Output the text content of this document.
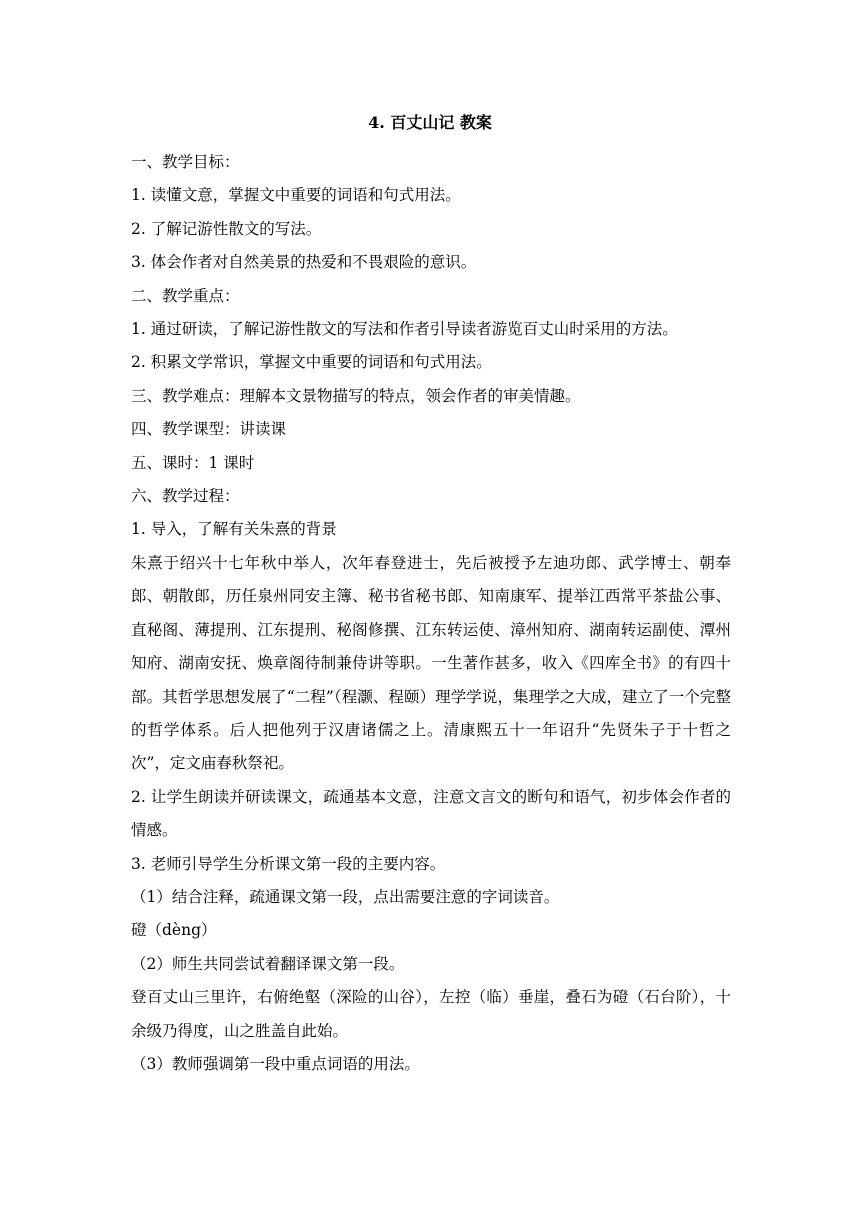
4. 百丈山记 教案

一、教学目标：

1. 读懂文意，掌握文中重要的词语和句式用法。

2. 了解记游性散文的写法。

3. 体会作者对自然美景的热爱和不畏艰险的意识。

二、教学重点：

1. 通过研读，了解记游性散文的写法和作者引导读者游览百丈山时采用的方法。

2. 积累文学常识，掌握文中重要的词语和句式用法。

三、教学难点：理解本文景物描写的特点，领会作者的审美情趣。

四、教学课型：讲读课

五、课时：1 课时

六、教学过程：

1. 导入，了解有关朱熹的背景

朱熹于绍兴十七年秋中举人，次年春登进士，先后被授予左迪功郎、武学博士、朝奉郎、朝散郎，历任泉州同安主簿、秘书省秘书郎、知南康军、提举江西常平茶盐公事、直秘阁、薄提刑、江东提刑、秘阁修撰、江东转运使、漳州知府、湖南转运副使、潭州知府、湖南安抚、焕章阁待制兼侍讲等职。一生著作甚多，收入《四库全书》的有四十部。其哲学思想发展了“二程”（程灏、程颐）理学学说，集理学之大成，建立了一个完整的哲学体系。后人把他列于汉唐诸儒之上。清康熙五十一年诏升“先贤朱子于十哲之次”，定文庙春秋祭祀。

2. 让学生朗读并研读课文，疏通基本文意，注意文言文的断句和语气，初步体会作者的情感。

3. 老师引导学生分析课文第一段的主要内容。

（1）结合注释，疏通课文第一段，点出需要注意的字词读音。

磴（dèng）

（2）师生共同尝试着翻译课文第一段。

登百丈山三里许，右俯绝壑（深险的山谷），左控（临）垂崖，叠石为磴（石台阶），十余级乃得度，山之胜盖自此始。

（3）教师强调第一段中重点词语的用法。
